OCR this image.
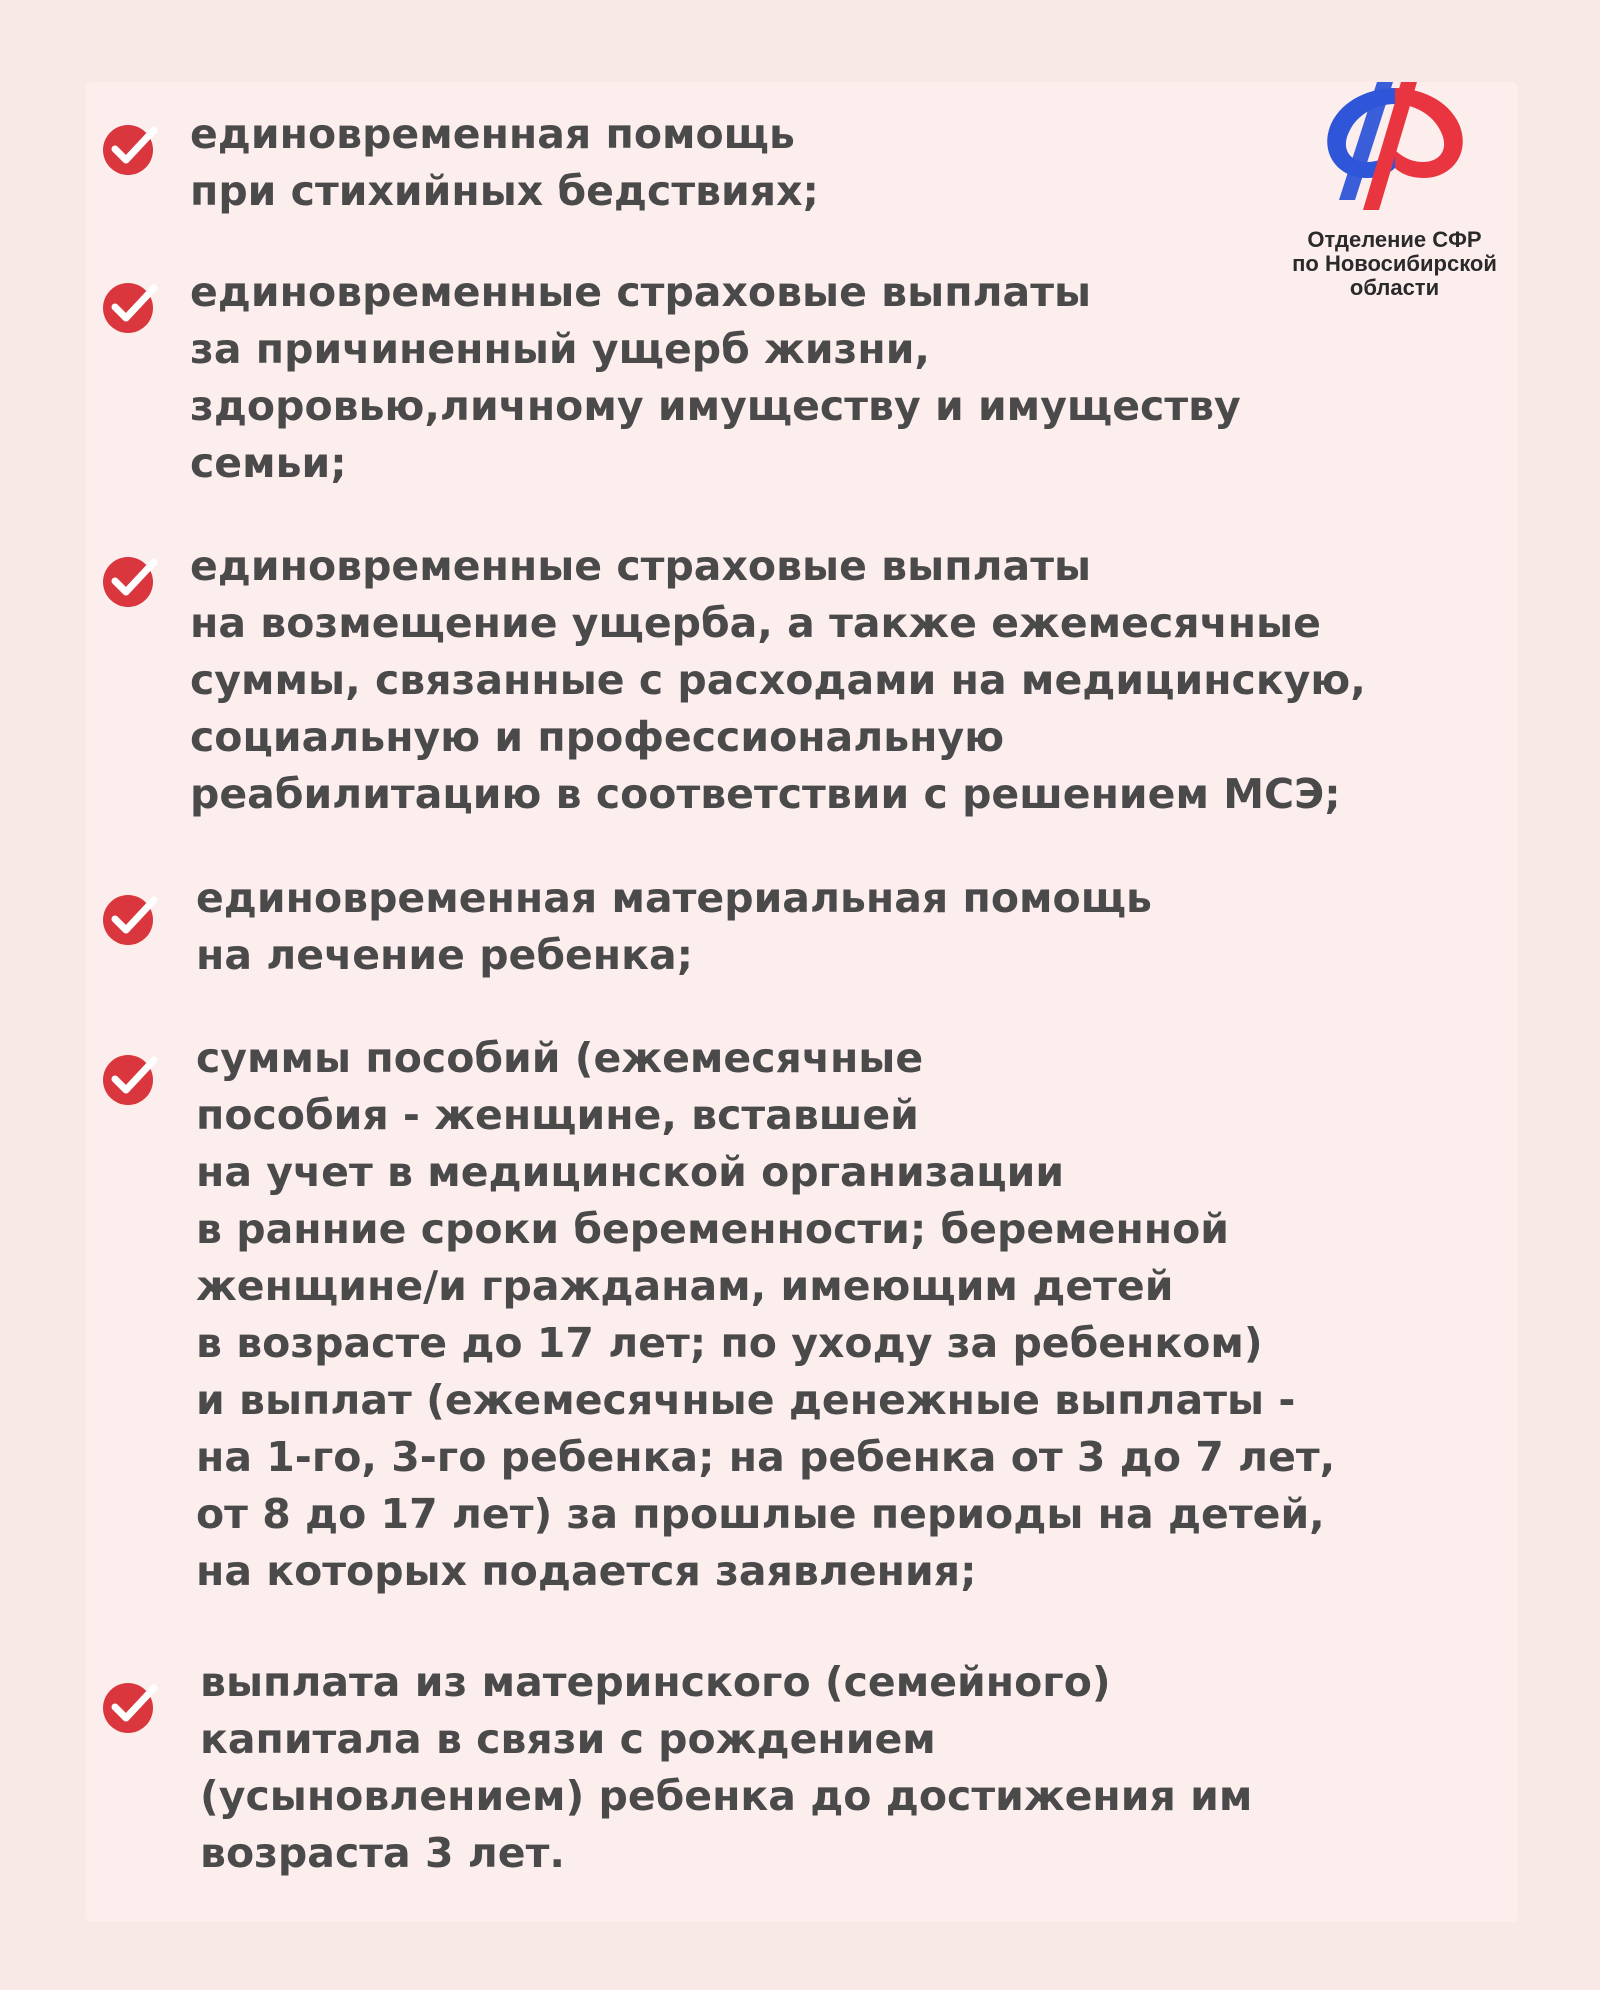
Отделение СФР
по Новосибирской
области
единовременная помощь
при стихийных бедствиях;
единовременные страховые выплаты
за причиненный ущерб жизни,
здоровью,личному имуществу и имуществу
семьи;
единовременные страховые выплаты
на возмещение ущерба, а также ежемесячные
суммы, связанные с расходами на медицинскую,
социальную и профессиональную
реабилитацию в соответствии с решением МСЭ;
единовременная материальная помощь
на лечение ребенка;
суммы пособий (ежемесячные
пособия - женщине, вставшей
на учет в медицинской организации
в ранние сроки беременности; беременной
женщине/и гражданам, имеющим детей
в возрасте до 17 лет; по уходу за ребенком)
и выплат (ежемесячные денежные выплаты -
на 1-го, 3-го ребенка; на ребенка от 3 до 7 лет,
от 8 до 17 лет) за прошлые периоды на детей,
на которых подается заявления;
выплата из материнского (семейного)
капитала в связи с рождением
(усыновлением) ребенка до достижения им
возраста 3 лет.
